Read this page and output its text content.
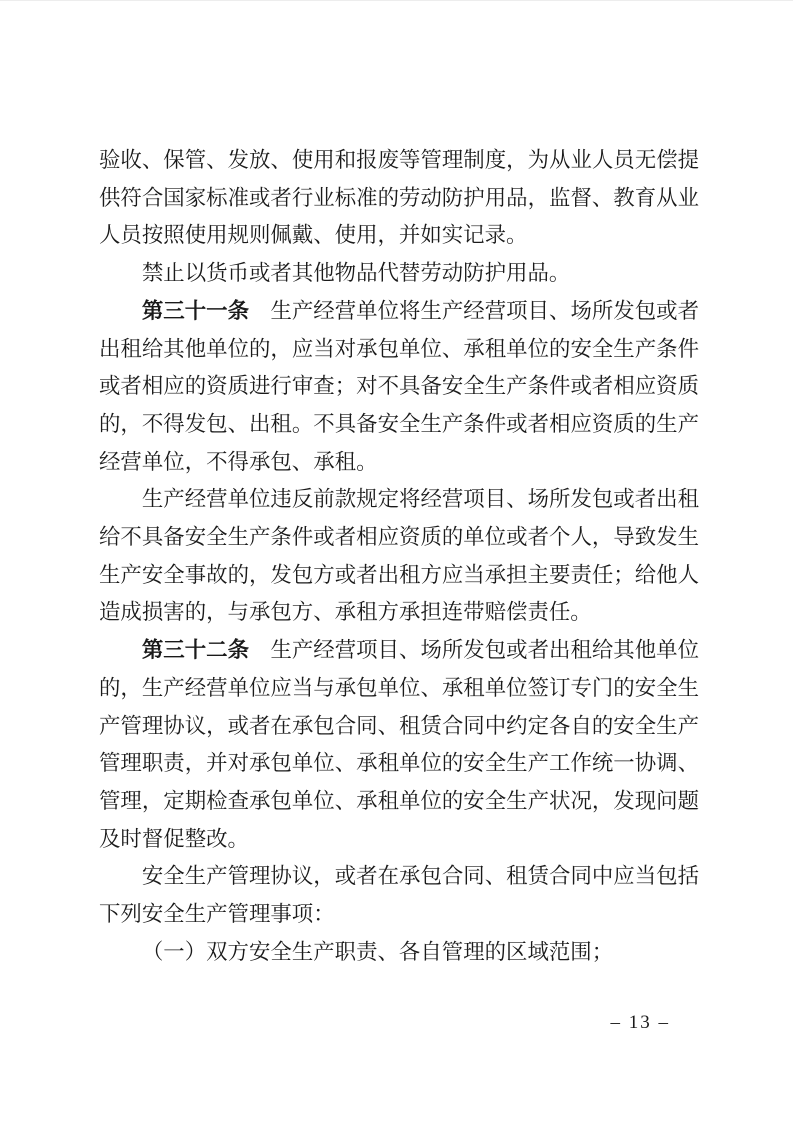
验收、保管、发放、使用和报废等管理制度，为从业人员无偿提供符合国家标准或者行业标准的劳动防护用品，监督、教育从业人员按照使用规则佩戴、使用，并如实记录。

禁止以货币或者其他物品代替劳动防护用品。

第三十一条 生产经营单位将生产经营项目、场所发包或者出租给其他单位的，应当对承包单位、承租单位的安全生产条件或者相应的资质进行审查；对不具备安全生产条件或者相应资质的，不得发包、出租。不具备安全生产条件或者相应资质的生产经营单位，不得承包、承租。

生产经营单位违反前款规定将经营项目、场所发包或者出租给不具备安全生产条件或者相应资质的单位或者个人，导致发生生产安全事故的，发包方或者出租方应当承担主要责任；给他人造成损害的，与承包方、承租方承担连带赔偿责任。

第三十二条 生产经营项目、场所发包或者出租给其他单位的，生产经营单位应当与承包单位、承租单位签订专门的安全生产管理协议，或者在承包合同、租赁合同中约定各自的安全生产管理职责，并对承包单位、承租单位的安全生产工作统一协调、管理，定期检查承包单位、承租单位的安全生产状况，发现问题及时督促整改。

安全生产管理协议，或者在承包合同、租赁合同中应当包括下列安全生产管理事项：

（一）双方安全生产职责、各自管理的区域范围；

– 13 –
